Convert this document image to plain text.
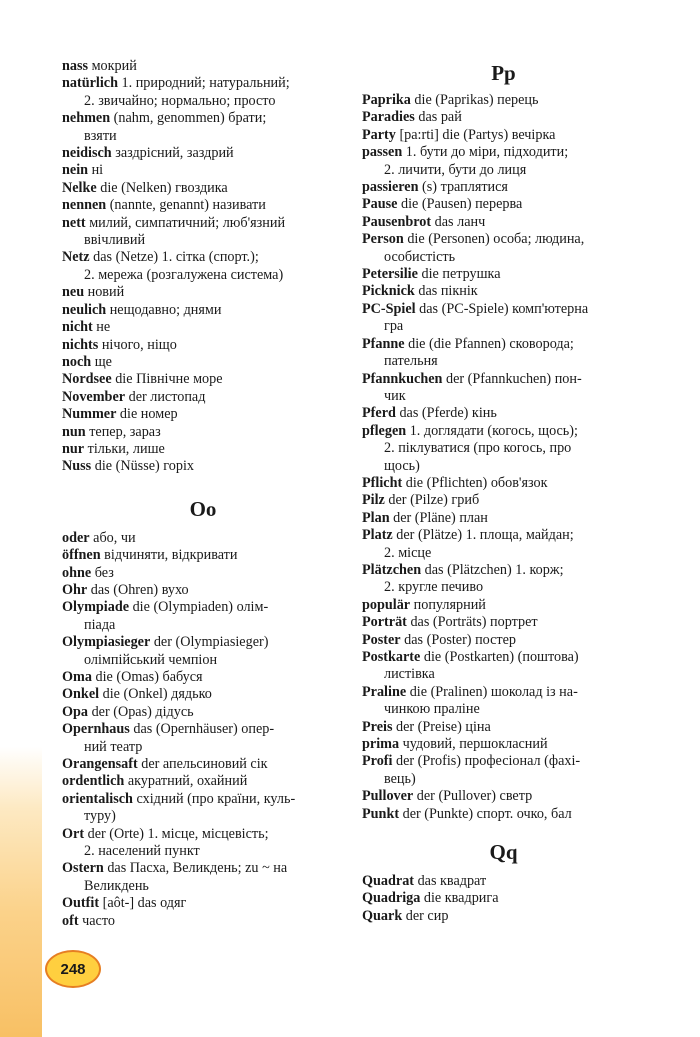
nass мокрий
natürlich 1. природний; натуральний;
2. звичайно; нормально; просто
nehmen (nahm, genommen) брати;
взяти
neidisch заздрісний, заздрий
nein ні
Nelke die (Nelken) гвоздика
nennen (nannte, genannt) називати
nett милий, симпатичний; люб'язний
ввічливий
Netz das (Netze) 1. сітка (спорт.);
2. мережа (розгалужена система)
neu новий
neulich нещодавно; днями
nicht не
nichts нічого, ніщо
noch ще
Nordsee die Північне море
November der листопад
Nummer die номер
nun тепер, зараз
nur тільки, лише
Nuss die (Nüsse) горіх
Oo
oder або, чи
öffnen відчиняти, відкривати
ohne без
Ohr das (Ohren) вухо
Olympiade die (Olympiaden) олім-
піада
Olympiasieger der (Olympiasieger)
олімпійський чемпіон
Oma die (Omas) бабуся
Onkel die (Onkel) дядько
Opa der (Opas) дідусь
Opernhaus das (Opernhäuser) опер-
ний театр
Orangensaft der апельсиновий сік
ordentlich акуратний, охайний
orientalisch східний (про країни, куль-
туру)
Ort der (Orte) 1. місце, місцевість;
2. населений пункт
Ostern das Пасха, Великдень; zu ~ на
Великдень
Outfit [aôt-] das одяг
oft часто
Pp
Paprika die (Paprikas) перець
Paradies das рай
Party [pa:rti] die (Partys) вечірка
passen 1. бути до міри, підходити;
2. личити, бути до лиця
passieren (s) траплятися
Pause die (Pausen) перерва
Pausenbrot das ланч
Person die (Personen) особа; людина,
особистість
Petersilie die петрушка
Picknick das пікнік
PC-Spiel das (PC-Spiele) комп'ютерна
гра
Pfanne die (die Pfannen) сковорода;
пательня
Pfannkuchen der (Pfannkuchen) пон-
чик
Pferd das (Pferde) кінь
pflegen 1. доглядати (когось, щось);
2. піклуватися (про когось, про
щось)
Pflicht die (Pflichten) обов'язок
Pilz der (Pilze) гриб
Plan der (Pläne) план
Platz der (Plätze) 1. площа, майдан;
2. місце
Plätzchen das (Plätzchen) 1. корж;
2. кругле печиво
populär популярний
Porträt das (Porträts) портрет
Poster das (Poster) постер
Postkarte die (Postkarten) (поштова)
листівка
Praline die (Pralinen) шоколад із на-
чинкою праліне
Preis der (Preise) ціна
prima чудовий, першокласний
Profi der (Profis) професіонал (фахі-
вець)
Pullover der (Pullover) светр
Punkt der (Punkte) спорт. очко, бал
Qq
Quadrat das квадрат
Quadriga die квадрига
Quark der сир
248
